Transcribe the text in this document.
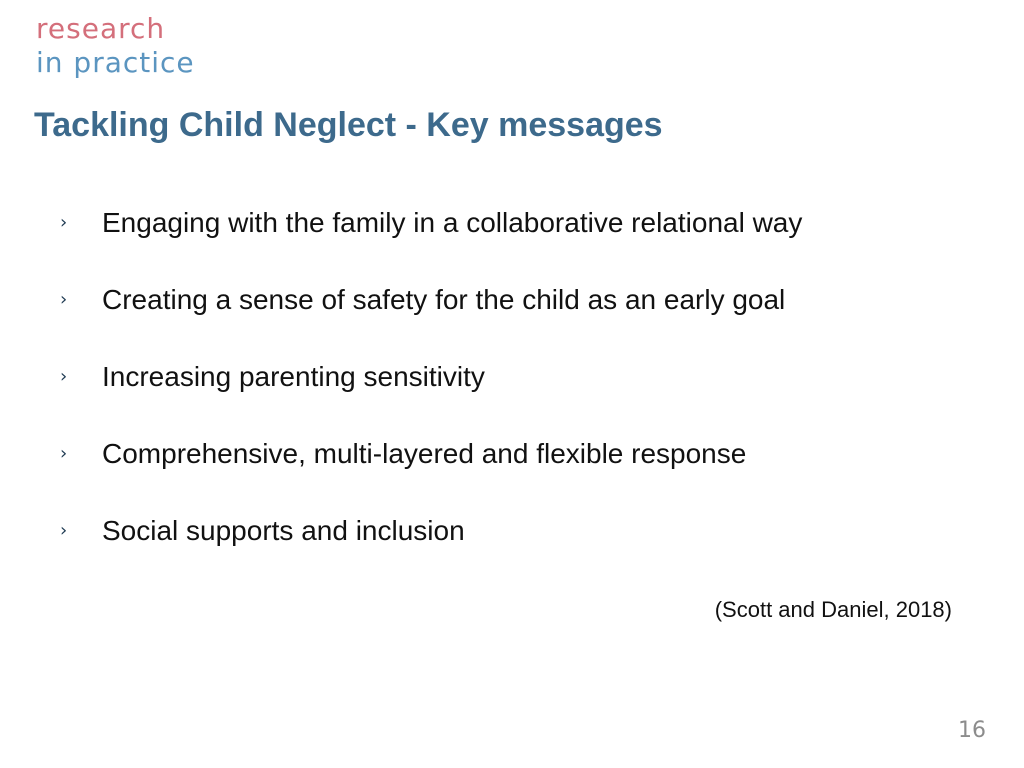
research
in practice
Tackling Child Neglect - Key messages
›	Engaging with the family in a collaborative relational way
›	Creating a sense of safety for the child as an early goal
›	Increasing parenting sensitivity
›	Comprehensive, multi-layered and flexible response
›	Social supports and inclusion
(Scott and Daniel, 2018)
16
